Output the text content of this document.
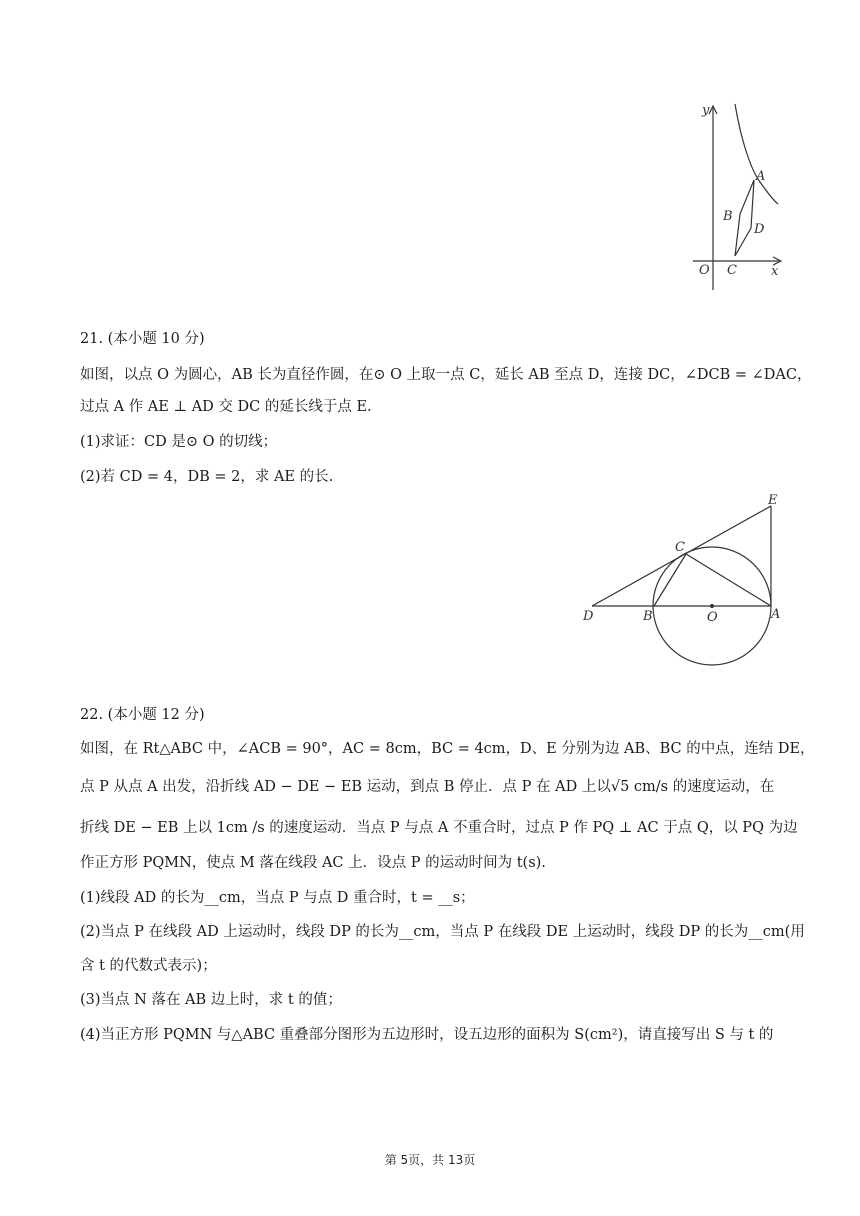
y
x
O
A
B
C
D
21. (本小题 10 分)
如图，以点 O 为圆心，AB 长为直径作圆，在⊙ O 上取一点 C，延长 AB 至点 D，连接 DC，∠DCB = ∠DAC，
过点 A 作 AE ⊥ AD 交 DC 的延长线于点 E.
(1)求证：CD 是⊙ O 的切线；
(2)若 CD = 4，DB = 2，求 AE 的长.
E
C
D	B	O	A
22. (本小题 12 分)
如图，在 Rt△ABC 中，∠ACB = 90°，AC = 8cm，BC = 4cm，D、E 分别为边 AB、BC 的中点，连结 DE，
点 P 从点 A 出发，沿折线 AD − DE − EB 运动，到点 B 停止．点 P 在 AD 上以√5 cm/s 的速度运动，在
折线 DE − EB 上以 1cm /s 的速度运动．当点 P 与点 A 不重合时，过点 P 作 PQ ⊥ AC 于点 Q，以 PQ 为边
作正方形 PQMN，使点 M 落在线段 AC 上．设点 P 的运动时间为 t(s).
(1)线段 AD 的长为__cm，当点 P 与点 D 重合时，t = __s；
(2)当点 P 在线段 AD 上运动时，线段 DP 的长为__cm，当点 P 在线段 DE 上运动时，线段 DP 的长为__cm(用
含 t 的代数式表示)；
(3)当点 N 落在 AB 边上时，求 t 的值；
(4)当正方形 PQMN 与△ABC 重叠部分图形为五边形时，设五边形的面积为 S(cm²)，请直接写出 S 与 t 的
第 5页，共 13页
